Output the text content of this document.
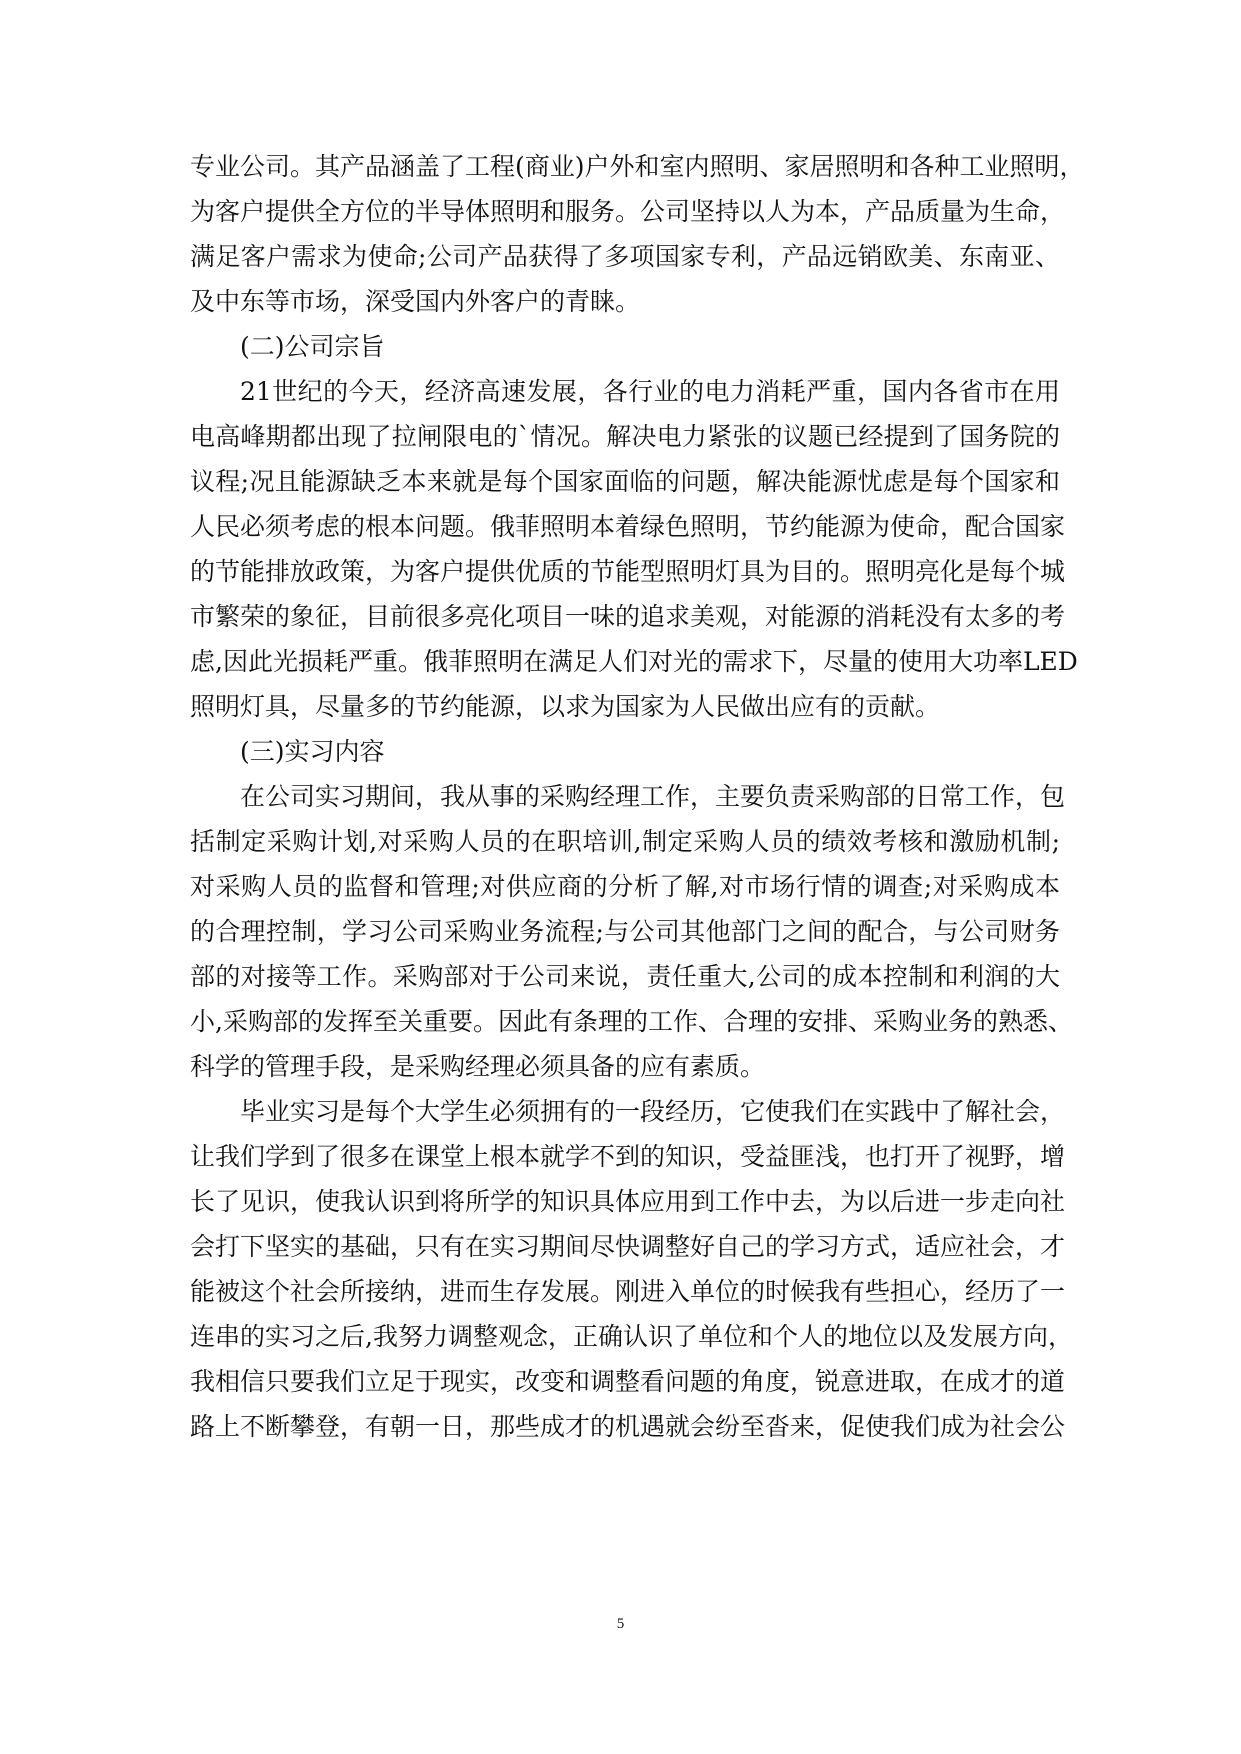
专业公司。其产品涵盖了工程(商业)户外和室内照明、家居照明和各种工业照明，
为客户提供全方位的半导体照明和服务。公司坚持以人为本，产品质量为生命，
满足客户需求为使命;公司产品获得了多项国家专利，产品远销欧美、东南亚、
及中东等市场，深受国内外客户的青睐。
(二)公司宗旨
21世纪的今天，经济高速发展，各行业的电力消耗严重，国内各省市在用
电高峰期都出现了拉闸限电的`情况。解决电力紧张的议题已经提到了国务院的
议程;况且能源缺乏本来就是每个国家面临的问题，解决能源忧虑是每个国家和
人民必须考虑的根本问题。俄菲照明本着绿色照明，节约能源为使命，配合国家
的节能排放政策，为客户提供优质的节能型照明灯具为目的。照明亮化是每个城
市繁荣的象征，目前很多亮化项目一味的追求美观，对能源的消耗没有太多的考
虑,因此光损耗严重。俄菲照明在满足人们对光的需求下，尽量的使用大功率LED
照明灯具，尽量多的节约能源，以求为国家为人民做出应有的贡献。
(三)实习内容
在公司实习期间，我从事的采购经理工作，主要负责采购部的日常工作，包
括制定采购计划,对采购人员的在职培训,制定采购人员的绩效考核和激励机制;
对采购人员的监督和管理;对供应商的分析了解,对市场行情的调查;对采购成本
的合理控制，学习公司采购业务流程;与公司其他部门之间的配合，与公司财务
部的对接等工作。采购部对于公司来说，责任重大,公司的成本控制和利润的大
小,采购部的发挥至关重要。因此有条理的工作、合理的安排、采购业务的熟悉、
科学的管理手段，是采购经理必须具备的应有素质。
毕业实习是每个大学生必须拥有的一段经历，它使我们在实践中了解社会，
让我们学到了很多在课堂上根本就学不到的知识，受益匪浅，也打开了视野，增
长了见识，使我认识到将所学的知识具体应用到工作中去，为以后进一步走向社
会打下坚实的基础，只有在实习期间尽快调整好自己的学习方式，适应社会，才
能被这个社会所接纳，进而生存发展。刚进入单位的时候我有些担心，经历了一
连串的实习之后,我努力调整观念，正确认识了单位和个人的地位以及发展方向，
我相信只要我们立足于现实，改变和调整看问题的角度，锐意进取，在成才的道
路上不断攀登，有朝一日，那些成才的机遇就会纷至沓来，促使我们成为社会公
5
